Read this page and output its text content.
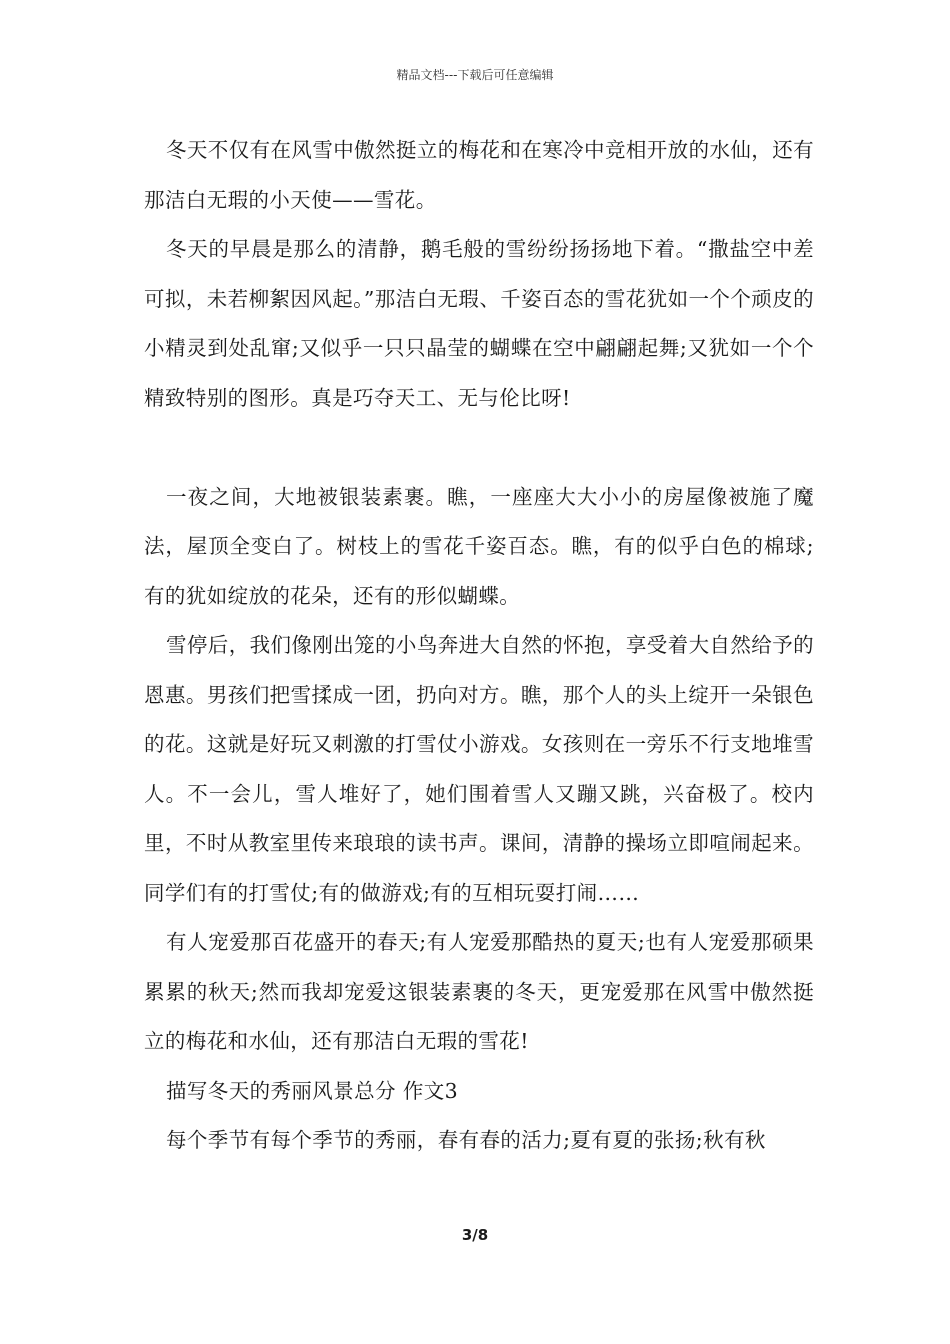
精品文档---下载后可任意编辑

冬天不仅有在风雪中傲然挺立的梅花和在寒冷中竞相开放的水仙，还有那洁白无瑕的小天使——雪花。

冬天的早晨是那么的清静，鹅毛般的雪纷纷扬扬地下着。“撒盐空中差可拟，未若柳絮因风起。”那洁白无瑕、千姿百态的雪花犹如一个个顽皮的小精灵到处乱窜;又似乎一只只晶莹的蝴蝶在空中翩翩起舞;又犹如一个个精致特别的图形。真是巧夺天工、无与伦比呀!

一夜之间，大地被银装素裹。瞧，一座座大大小小的房屋像被施了魔法，屋顶全变白了。树枝上的雪花千姿百态。瞧，有的似乎白色的棉球;有的犹如绽放的花朵，还有的形似蝴蝶。

雪停后，我们像刚出笼的小鸟奔进大自然的怀抱，享受着大自然给予的恩惠。男孩们把雪揉成一团，扔向对方。瞧，那个人的头上绽开一朵银色的花。这就是好玩又刺激的打雪仗小游戏。女孩则在一旁乐不行支地堆雪人。不一会儿，雪人堆好了，她们围着雪人又蹦又跳，兴奋极了。校内里，不时从教室里传来琅琅的读书声。课间，清静的操场立即喧闹起来。同学们有的打雪仗;有的做游戏;有的互相玩耍打闹……

有人宠爱那百花盛开的春天;有人宠爱那酷热的夏天;也有人宠爱那硕果累累的秋天;然而我却宠爱这银装素裹的冬天，更宠爱那在风雪中傲然挺立的梅花和水仙，还有那洁白无瑕的雪花!

描写冬天的秀丽风景总分 作文3

每个季节有每个季节的秀丽，春有春的活力;夏有夏的张扬;秋有秋

3/8
